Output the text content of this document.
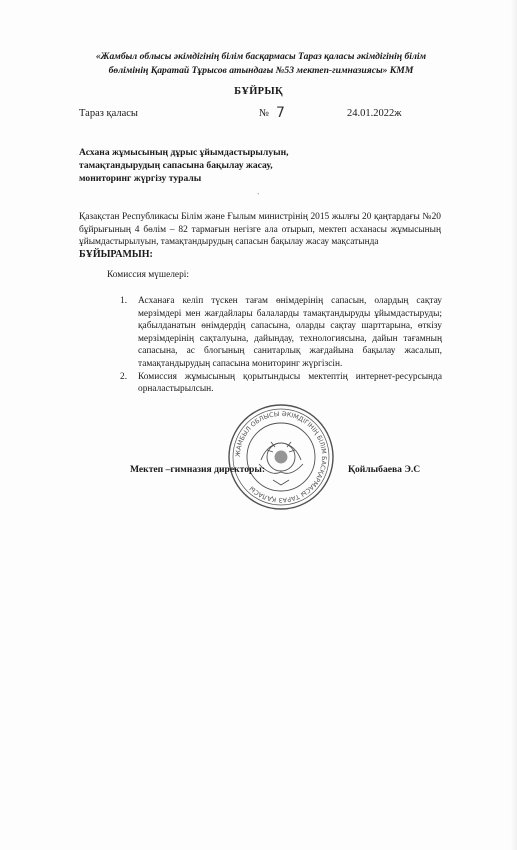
«Жамбыл облысы әкімдігінің білім басқармасы Тараз қаласы әкімдігінің білім
бөлімінің Қаратай Тұрысов атындағы №53 мектеп-гимназиясы» КММ
БҰЙРЫҚ
Тараз қаласы	№ 7	24.01.2022ж
Асхана жұмысының дұрыс ұйымдастырылуын,
тамақтандырудың сапасына бақылау жасау,
мониторинг жүргізу туралы
`
Қазақстан Республикасы Білім және Ғылым министрінің 2015 жылғы 20 қаңтардағы №20 бұйрығының 4 бөлім – 82 тармағын негізге ала отырып, мектеп асханасы жұмысының ұйымдастырылуын, тамақтандырудың сапасын бақылау жасау мақсатында
БҰЙЫРАМЫН:
Комиссия мүшелері:
1. Асханаға келіп түскен тағам өнімдерінің сапасын, олардың сақтау мерзімдері мен жағдайлары балаларды тамақтандыруды ұйымдастыруды; қабылданатын өнімдердің сапасына, оларды сақтау шарттарына, өткізу мерзімдерінің сақталуына, дайындау, технологиясына, дайын тағамның сапасына, ас блогының санитарлық жағдайына бақылау жасалып, тамақтандырудың сапасына мониторинг жүргізсін.
2. Комиссия жұмысының қорытындысы мектептің интернет-ресурсында орналастырылсын.
ЖАМБЫЛ ОБЛЫСЫ ӘКІМДІГІНІҢ БІЛІМ БАСҚАРМАСЫ ТАРАЗ ҚАЛАСЫ
Мектеп –гимназия директоры:	Қойлыбаева Э.С
